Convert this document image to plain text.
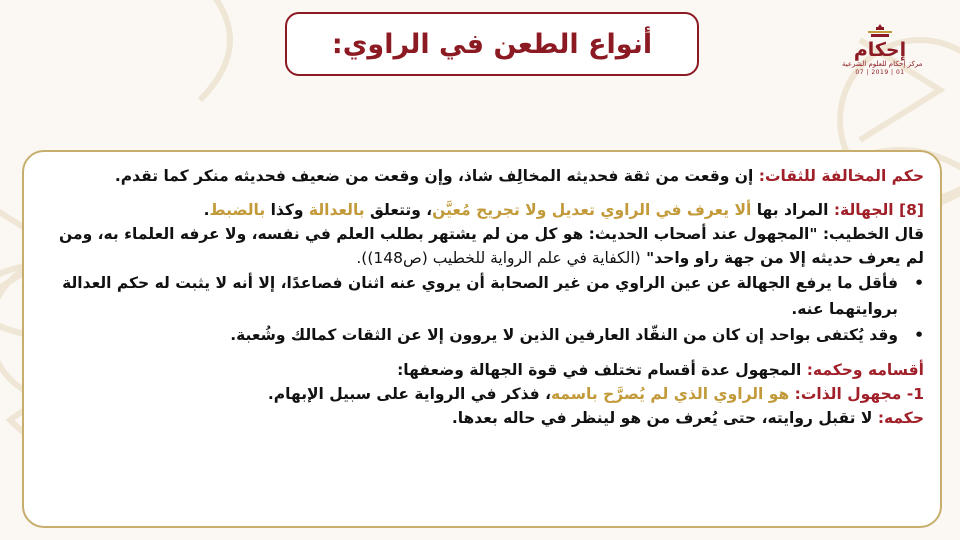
أنواع الطعن في الراوي:	إحكام
مركز إحكام للعلوم الشرعية
07 | 2019 | 01

حكم المخالفة للثقات: إن وقعت من ثقة فحديثه المخالِف شاذ، وإن وقعت من ضعيف فحديثه منكر كما تقدم.

[8] الجهالة: المراد بها ألا يعرف في الراوي تعديل ولا تجريح مُعيَّن، وتتعلق بالعدالة وكذا بالضبط.

قال الخطيب: "المجهول عند أصحاب الحديث: هو كل من لم يشتهر بطلب العلم في نفسه، ولا عرفه العلماء به، ومن لم يعرف حديثه إلا من جهة راو واحد" (الكفاية في علم الرواية للخطيب (ص148)).

• فأقل ما يرفع الجهالة عن عين الراوي من غير الصحابة أن يروي عنه اثنان فصاعدًا، إلا أنه لا يثبت له حكم العدالة بروايتهما عنه.
• وقد يُكتفى بواحد إن كان من النقّاد العارفين الذين لا يروون إلا عن الثقات كمالك وشُعبة.

أقسامه وحكمه: المجهول عدة أقسام تختلف في قوة الجهالة وضعفها:

1- مجهول الذات: هو الراوي الذي لم يُصرَّح باسمه، فذكر في الرواية على سبيل الإبهام.

حكمه: لا تقبل روايته، حتى يُعرف من هو لينظر في حاله بعدها.
